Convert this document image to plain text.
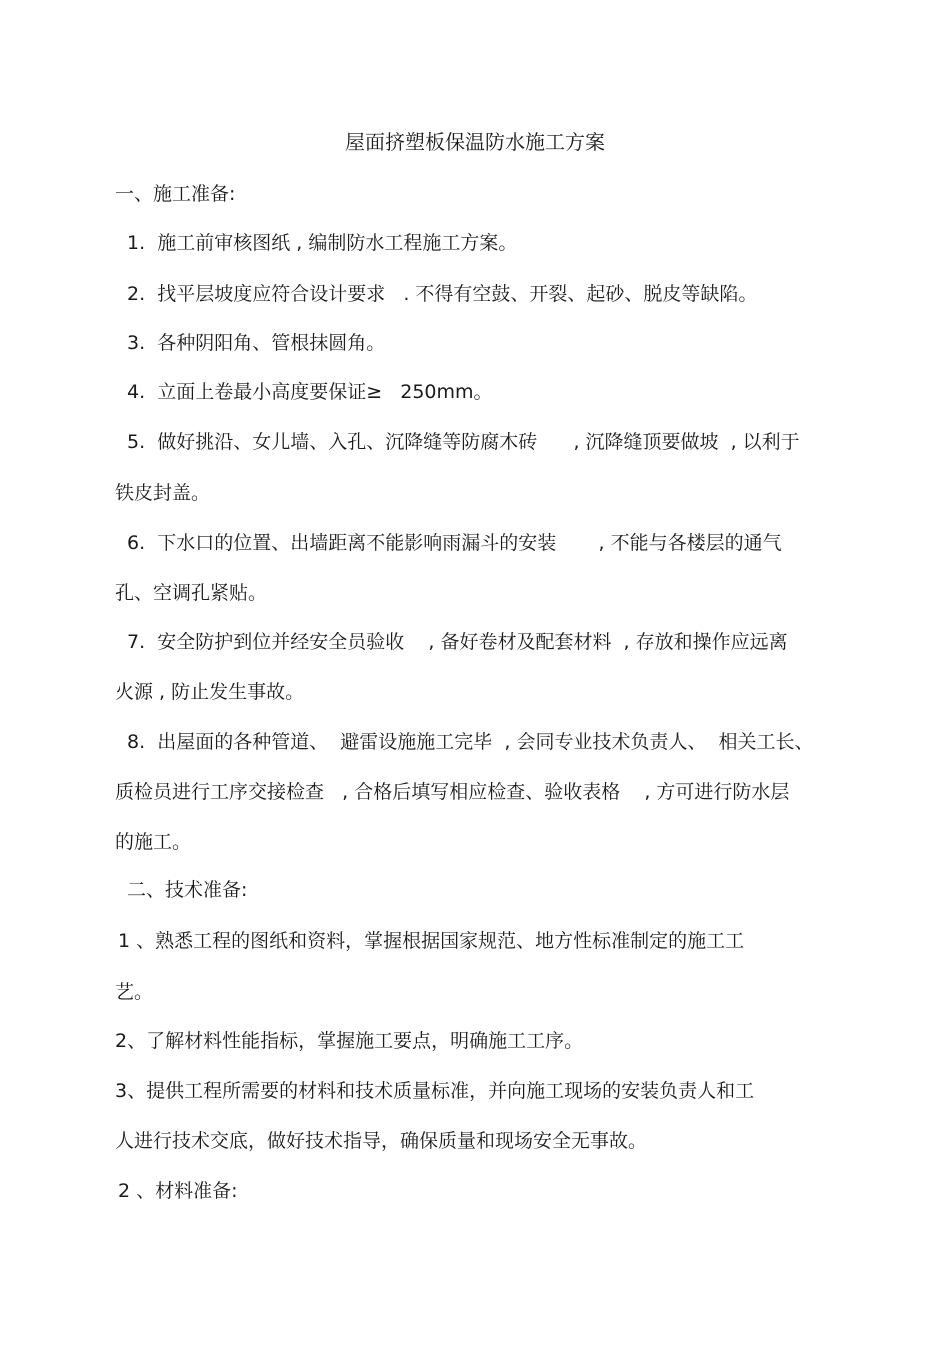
屋面挤塑板保温防水施工方案
一、施工准备:
1.  施工前审核图纸 , 编制防水工程施工方案。
2.  找平层坡度应符合设计要求   . 不得有空鼓、开裂、起砂、脱皮等缺陷。
3.  各种阴阳角、管根抹圆角。
4.  立面上卷最小高度要保证≥   250mm。
5.  做好挑沿、女儿墙、入孔、沉降缝等防腐木砖      , 沉降缝顶要做坡  , 以利于
铁皮封盖。
6.  下水口的位置、出墙距离不能影响雨漏斗的安装       , 不能与各楼层的通气
孔、空调孔紧贴。
7.  安全防护到位并经安全员验收    , 备好卷材及配套材料  , 存放和操作应远离
火源 , 防止发生事故。
8.  出屋面的各种管道、  避雷设施施工完毕  , 会同专业技术负责人、  相关工长、
质检员进行工序交接检查   , 合格后填写相应检查、验收表格    , 方可进行防水层
的施工。
二、技术准备:
1 、熟悉工程的图纸和资料，掌握根据国家规范、地方性标准制定的施工工
艺。
2、了解材料性能指标，掌握施工要点，明确施工工序。
3、提供工程所需要的材料和技术质量标准，并向施工现场的安装负责人和工
人进行技术交底，做好技术指导，确保质量和现场安全无事故。
2 、材料准备:
